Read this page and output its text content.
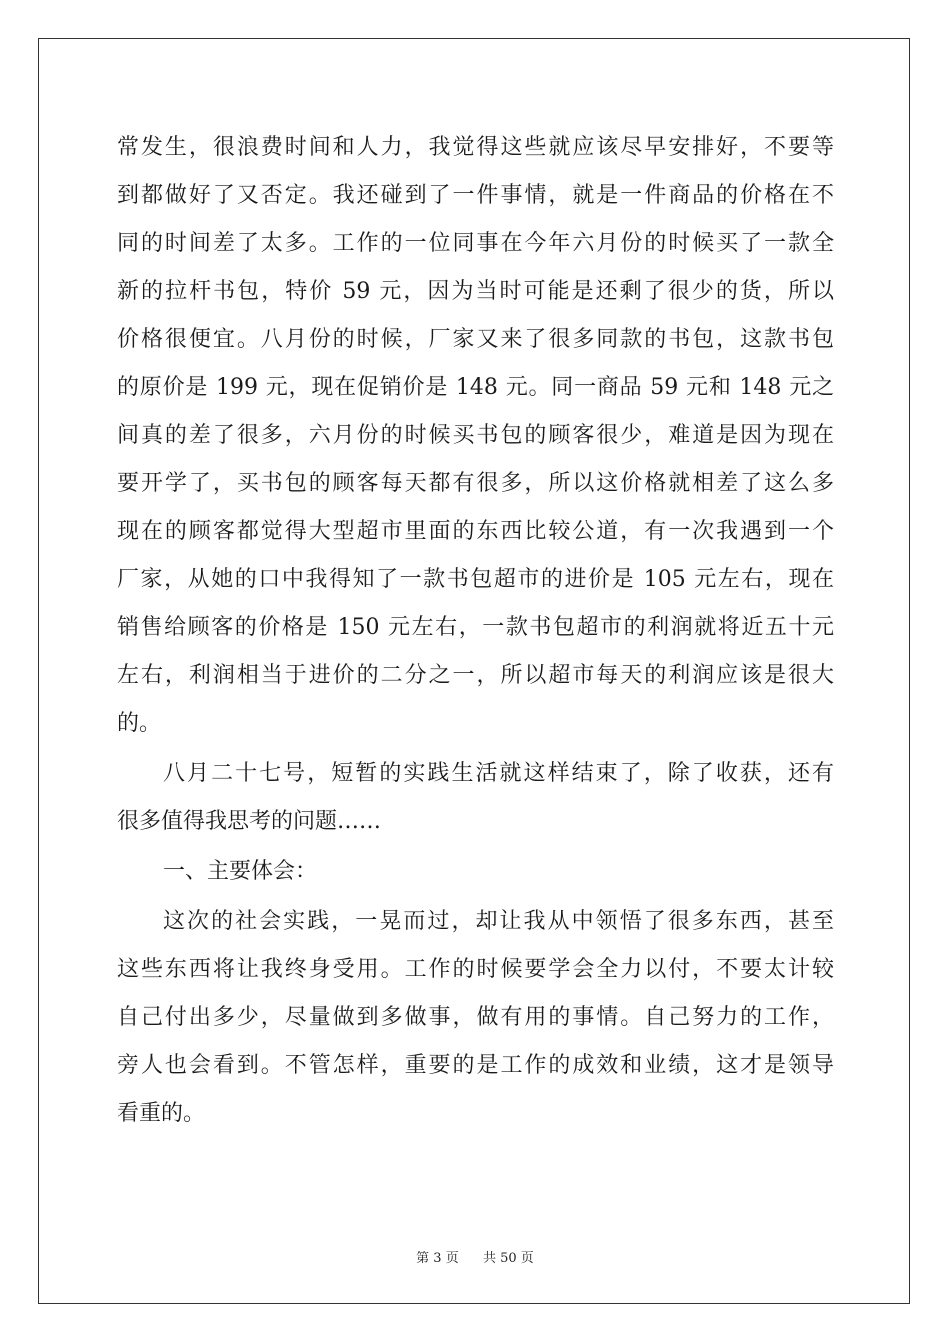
常发生，很浪费时间和人力，我觉得这些就应该尽早安排好，不要等
到都做好了又否定。我还碰到了一件事情，就是一件商品的价格在不
同的时间差了太多。工作的一位同事在今年六月份的时候买了一款全
新的拉杆书包，特价 59 元，因为当时可能是还剩了很少的货，所以
价格很便宜。八月份的时候，厂家又来了很多同款的书包，这款书包
的原价是 199 元，现在促销价是 148 元。同一商品 59 元和 148 元之
间真的差了很多，六月份的时候买书包的顾客很少，难道是因为现在
要开学了，买书包的顾客每天都有很多，所以这价格就相差了这么多
现在的顾客都觉得大型超市里面的东西比较公道，有一次我遇到一个
厂家，从她的口中我得知了一款书包超市的进价是 105 元左右，现在
销售给顾客的价格是 150 元左右，一款书包超市的利润就将近五十元
左右，利润相当于进价的二分之一，所以超市每天的利润应该是很大
的。
八月二十七号，短暂的实践生活就这样结束了，除了收获，还有
很多值得我思考的问题……
一、主要体会：
这次的社会实践，一晃而过，却让我从中领悟了很多东西，甚至
这些东西将让我终身受用。工作的时候要学会全力以付，不要太计较
自己付出多少，尽量做到多做事，做有用的事情。自己努力的工作，
旁人也会看到。不管怎样，重要的是工作的成效和业绩，这才是领导
看重的。
第 3 页 共 50 页
